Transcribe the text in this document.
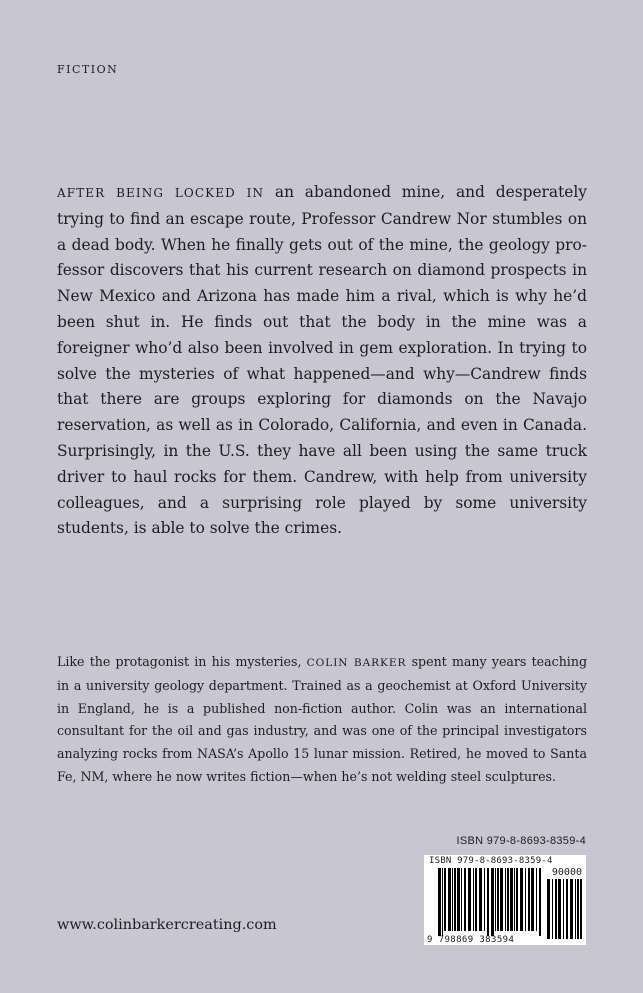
FICTION

AFTER BEING LOCKED IN an abandoned mine, and desperately trying to find an escape route, Professor Candrew Nor stumbles on a dead body. When he finally gets out of the mine, the geology professor discovers that his current research on diamond prospects in New Mexico and Arizona has made him a rival, which is why he’d been shut in. He finds out that the body in the mine was a foreigner who’d also been involved in gem exploration. In trying to solve the mysteries of what happened—and why—Candrew finds that there are groups exploring for diamonds on the Navajo reservation, as well as in Colorado, California, and even in Canada. Surprisingly, in the U.S. they have all been using the same truck driver to haul rocks for them. Candrew, with help from university colleagues, and a surprising role played by some university students, is able to solve the crimes.

Like the protagonist in his mysteries, COLIN BARKER spent many years teaching in a university geology department. Trained as a geochemist at Oxford University in England, he is a published non-fiction author. Colin was an international consultant for the oil and gas industry, and was one of the principal investigators analyzing rocks from NASA’s Apollo 15 lunar mission. Retired, he moved to Santa Fe, NM, where he now writes fiction—when he’s not welding steel sculptures.

www.colinbarkercreating.com
ISBN 979-8-8693-8359-4
ISBN 979-8-8693-8359-4
90000
9 798869 383594
